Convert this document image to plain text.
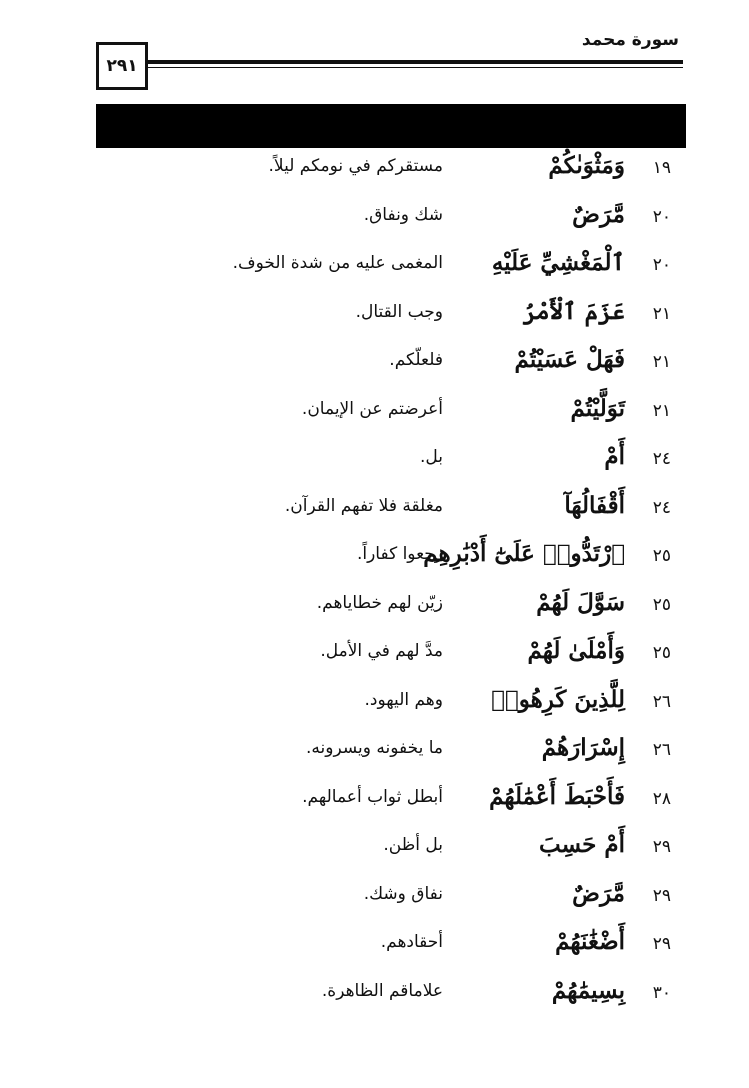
٢٩١
سورة محمد
١٩
وَمَثْوَىٰكُمْ
مستقركم في نومكم ليلاً.
٢٠
مَّرَضٌ
شك ونفاق.
٢٠
ٱلْمَغْشِيِّ عَلَيْهِ
المغمى عليه من شدة الخوف.
٢١
عَزَمَ ٱلْأَمْرُ
وجب القتال.
٢١
فَهَلْ عَسَيْتُمْ
فلعلّكم.
٢١
تَوَلَّيْتُمْ
أعرضتم عن الإيمان.
٢٤
أَمْ
بل.
٢٤
أَقْفَالُهَآ
مغلقة فلا تفهم القرآن.
٢٥
ٱرْتَدُّوا۟ عَلَىٰٓ أَدْبَٰرِهِم
رجعوا كفاراً.
٢٥
سَوَّلَ لَهُمْ
زيّن لهم خطاياهم.
٢٥
وَأَمْلَىٰ لَهُمْ
مدَّ لهم في الأمل.
٢٦
لِلَّذِينَ كَرِهُوا۟
وهم اليهود.
٢٦
إِسْرَارَهُمْ
ما يخفونه ويسرونه.
٢٨
فَأَحْبَطَ أَعْمَٰلَهُمْ
أبطل ثواب أعمالهم.
٢٩
أَمْ حَسِبَ
بل أظن.
٢٩
مَّرَضٌ
نفاق وشك.
٢٩
أَضْغَٰنَهُمْ
أحقادهم.
٣٠
بِسِيمَٰهُمْ
علاماقم الظاهرة.
